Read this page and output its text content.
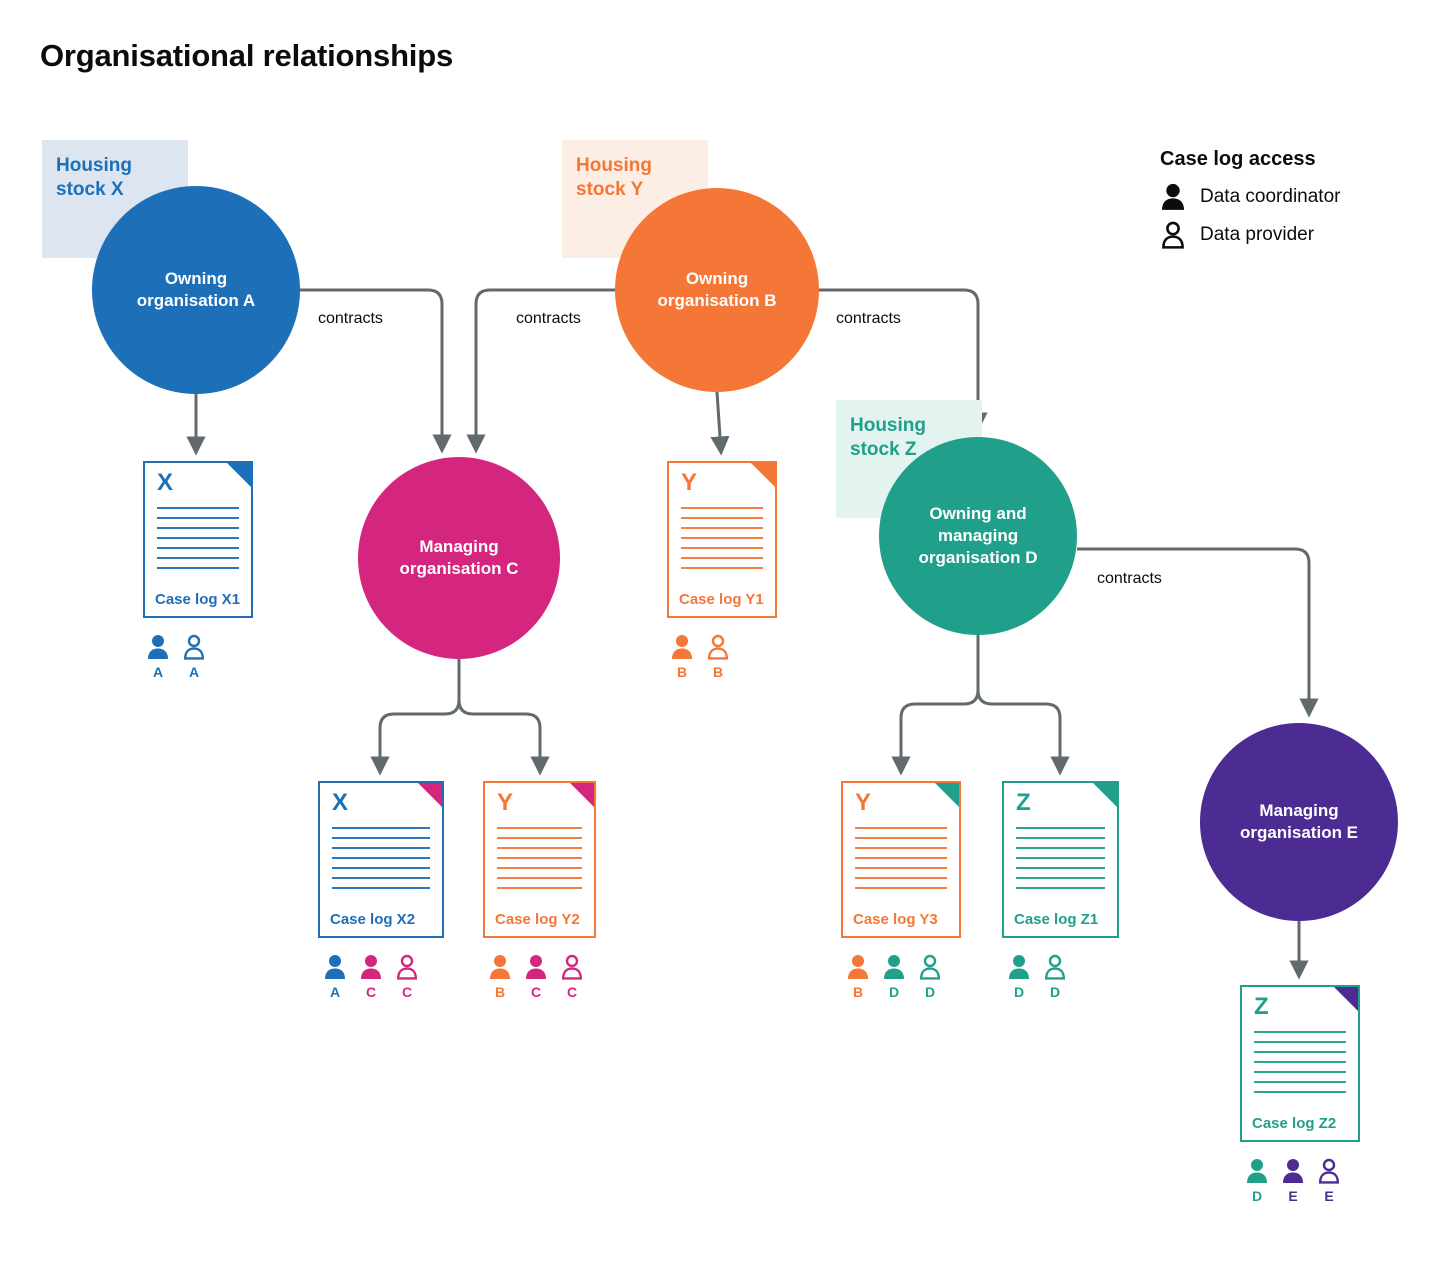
Organisational relationships
Housing
stock X
Housing
stock Y
Housing
stock Z
Owning
organisation A
Owning
organisation B
Managing
organisation C
Owning and
managing
organisation D
Managing
organisation E
contracts	contracts	contracts
contracts
X
Case log X1
A	A
Y
Case log Y1
B	B
X
Case log X2
A	C	C
Y
Case log Y2
B	C	C
Y
Case log Y3
B	D	D
Z
Case log Z1
D	D
Z
Case log Z2
D	E	E
Case log access
Data coordinator
Data provider
